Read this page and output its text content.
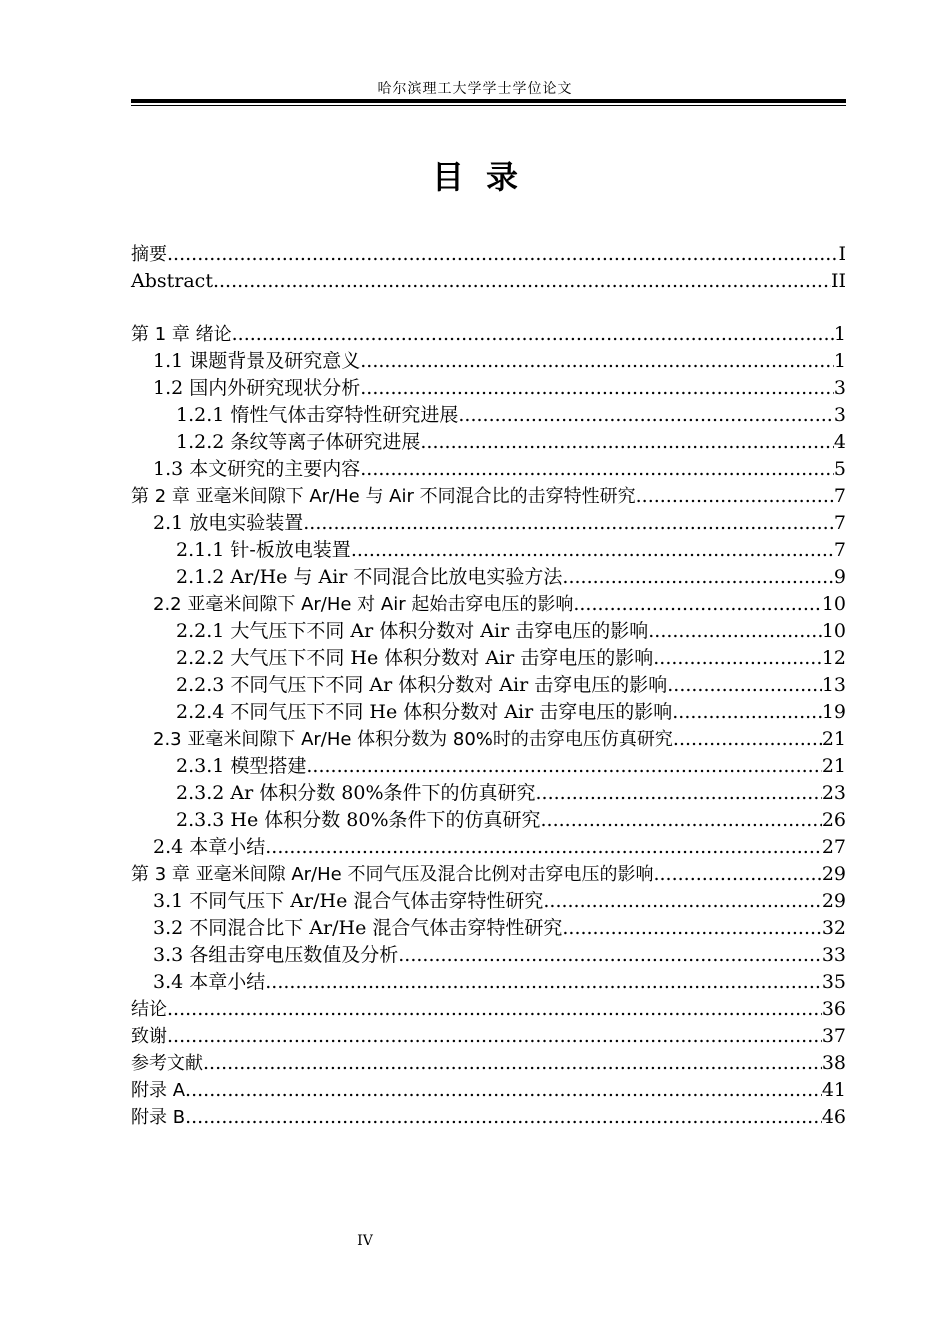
哈尔滨理工大学学士学位论文
目录
摘要 .....	I
Abstract .....	II
第 1 章 绪论 .....	1
1.1 课题背景及研究意义 .....	1
1.2 国内外研究现状分析 .....	3
1.2.1 惰性气体击穿特性研究进展 .....	3
1.2.2 条纹等离子体研究进展 .....	4
1.3 本文研究的主要内容 .....	5
第 2 章 亚毫米间隙下 Ar/He 与 Air 不同混合比的击穿特性研究 .....	7
2.1 放电实验装置 .....	7
2.1.1 针-板放电装置 .....	7
2.1.2 Ar/He 与 Air 不同混合比放电实验方法 .....	9
2.2 亚毫米间隙下 Ar/He 对 Air 起始击穿电压的影响 .....	10
2.2.1 大气压下不同 Ar 体积分数对 Air 击穿电压的影响 .....	10
2.2.2 大气压下不同 He 体积分数对 Air 击穿电压的影响 .....	12
2.2.3 不同气压下不同 Ar 体积分数对 Air 击穿电压的影响 .....	13
2.2.4 不同气压下不同 He 体积分数对 Air 击穿电压的影响 .....	19
2.3 亚毫米间隙下 Ar/He 体积分数为 80%时的击穿电压仿真研究 .....	21
2.3.1 模型搭建 .....	21
2.3.2 Ar 体积分数 80%条件下的仿真研究 .....	23
2.3.3 He 体积分数 80%条件下的仿真研究 .....	26
2.4 本章小结 .....	27
第 3 章 亚毫米间隙 Ar/He 不同气压及混合比例对击穿电压的影响 .....	29
3.1 不同气压下 Ar/He 混合气体击穿特性研究 .....	29
3.2 不同混合比下 Ar/He 混合气体击穿特性研究 .....	32
3.3 各组击穿电压数值及分析 .....	33
3.4 本章小结 .....	35
结论 .....	36
致谢 .....	37
参考文献 .....	38
附录 A .....	41
附录 B .....	46
IV
